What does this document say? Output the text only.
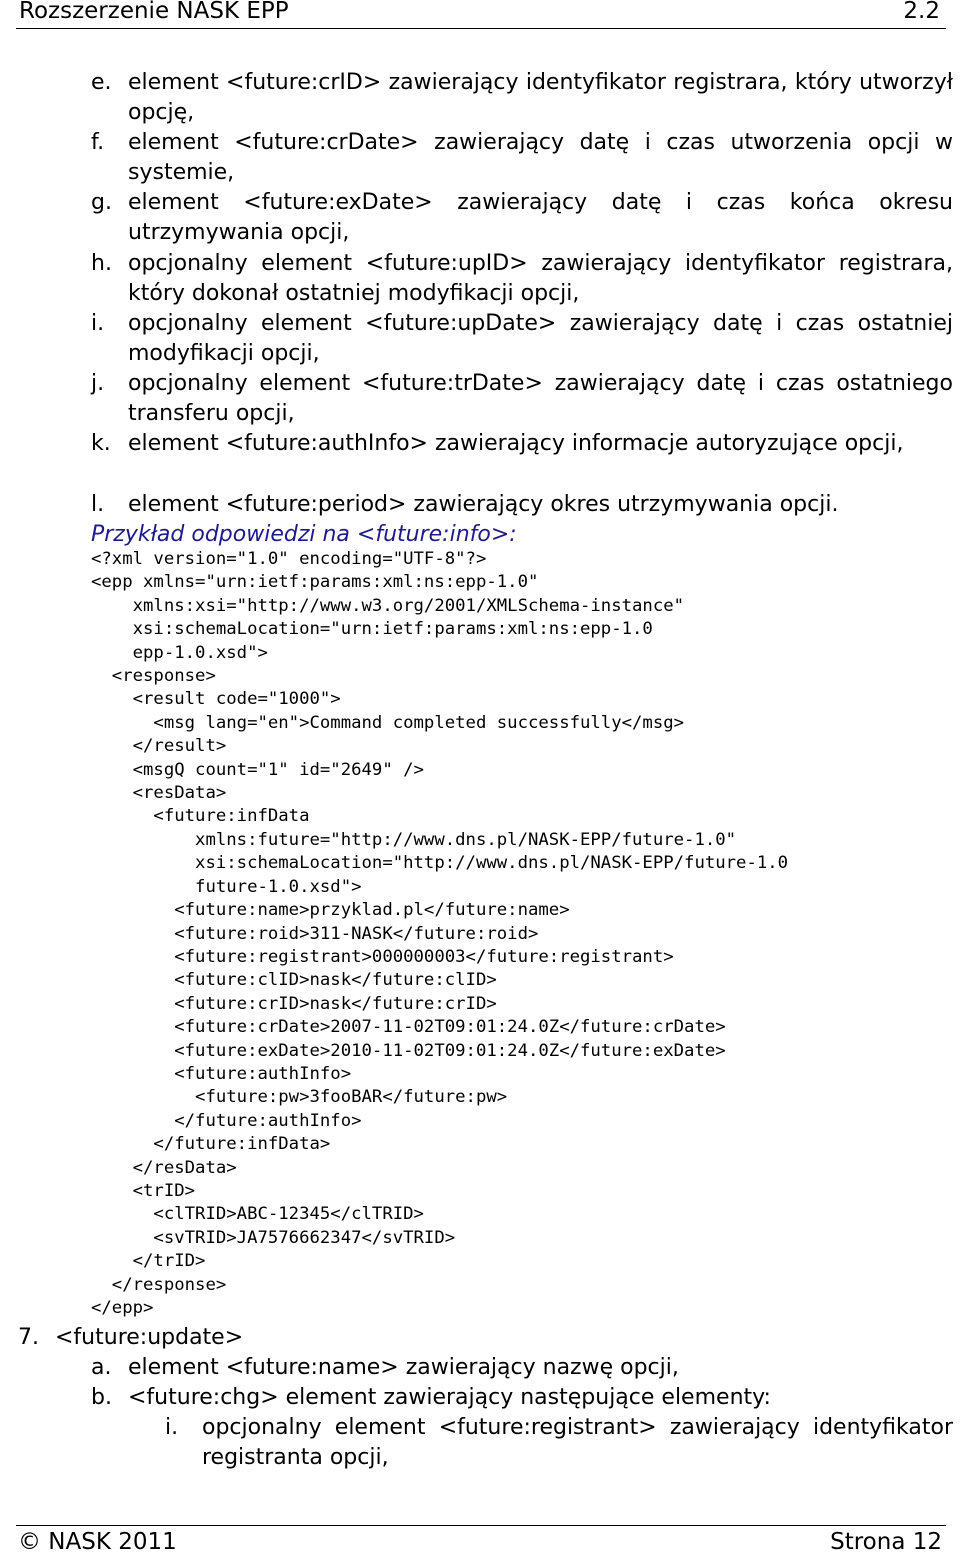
Rozszerzenie NASK EPP	2.2
e. element <future:crID> zawierający identyfikator registrara, który utworzył opcję,
f. element <future:crDate> zawierający datę i czas utworzenia opcji w systemie,
g. element <future:exDate> zawierający datę i czas końca okresu utrzymywania opcji,
h. opcjonalny element <future:upID> zawierający identyfikator registrara, który dokonał ostatniej modyfikacji opcji,
i. opcjonalny element <future:upDate> zawierający datę i czas ostatniej modyfikacji opcji,
j. opcjonalny element <future:trDate> zawierający datę i czas ostatniego transferu opcji,
k. element <future:authInfo> zawierający informacje autoryzujące opcji,
l. element <future:period> zawierający okres utrzymywania opcji.
Przykład odpowiedzi na <future:info>:
<?xml version="1.0" encoding="UTF-8"?>
<epp xmlns="urn:ietf:params:xml:ns:epp-1.0"
xmlns:xsi="http://www.w3.org/2001/XMLSchema-instance"
xsi:schemaLocation="urn:ietf:params:xml:ns:epp-1.0
epp-1.0.xsd">
<response>
<result code="1000">
<msg lang="en">Command completed successfully</msg>
</result>
<msgQ count="1" id="2649" />
<resData>
<future:infData
xmlns:future="http://www.dns.pl/NASK-EPP/future-1.0"
xsi:schemaLocation="http://www.dns.pl/NASK-EPP/future-1.0
future-1.0.xsd">
<future:name>przyklad.pl</future:name>
<future:roid>311-NASK</future:roid>
<future:registrant>000000003</future:registrant>
<future:clID>nask</future:clID>
<future:crID>nask</future:crID>
<future:crDate>2007-11-02T09:01:24.0Z</future:crDate>
<future:exDate>2010-11-02T09:01:24.0Z</future:exDate>
<future:authInfo>
<future:pw>3fooBAR</future:pw>
</future:authInfo>
</future:infData>
</resData>
<trID>
<clTRID>ABC-12345</clTRID>
<svTRID>JA7576662347</svTRID>
</trID>
</response>
</epp>

7. <future:update>
a. element <future:name> zawierający nazwę opcji,
b. <future:chg> element zawierający następujące elementy:
i. opcjonalny element <future:registrant> zawierający identyfikator registranta opcji,
© NASK 2011	Strona 12
